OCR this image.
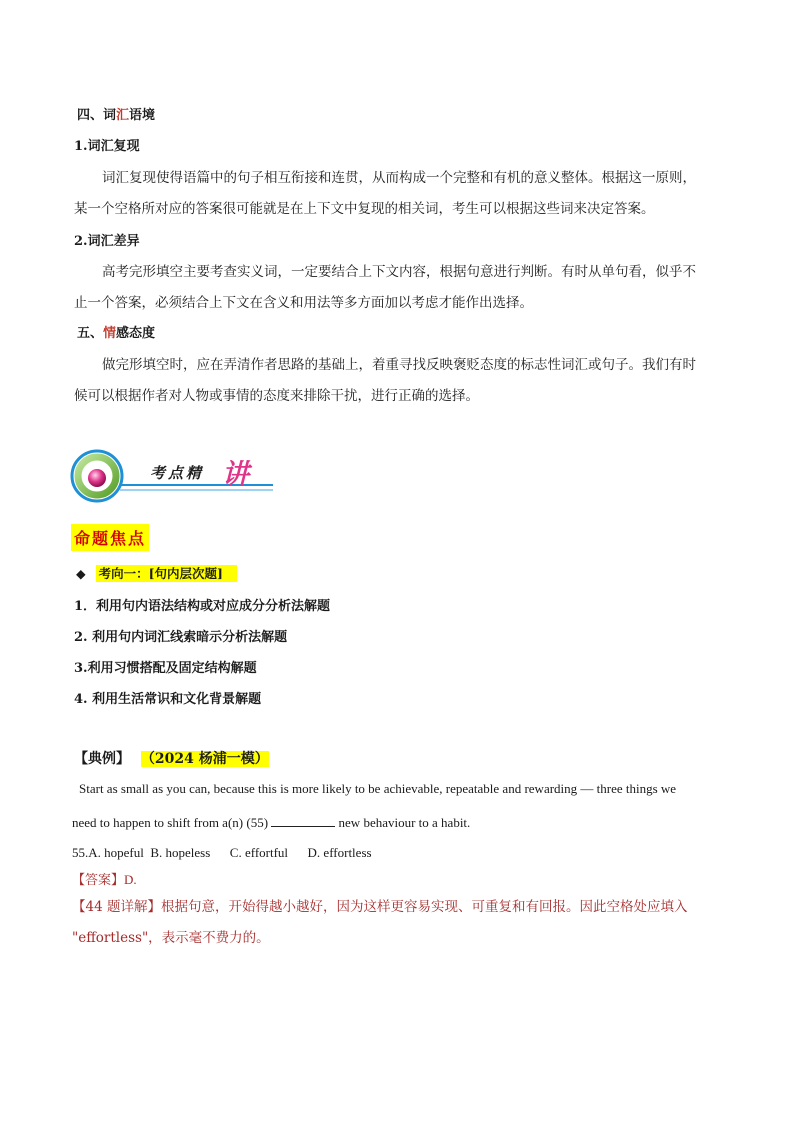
四、词汇语境
1.词汇复现
词汇复现使得语篇中的句子相互衔接和连贯，从而构成一个完整和有机的意义整体。根据这一原则，
某一个空格所对应的答案很可能就是在上下文中复现的相关词，考生可以根据这些词来决定答案。
2.词汇差异
高考完形填空主要考查实义词，一定要结合上下文内容，根据句意进行判断。有时从单句看，似乎不
止一个答案，必须结合上下文在含义和用法等多方面加以考虑才能作出选择。
五、情感态度
做完形填空时，应在弄清作者思路的基础上，着重寻找反映褒贬态度的标志性词汇或句子。我们有时
候可以根据作者对人物或事情的态度来排除干扰，进行正确的选择。
考点精 讲
命题焦点
◆ 考向一：[句内层次题]
1．利用句内语法结构或对应成分分析法解题
2. 利用句内词汇线索暗示分析法解题
3.利用习惯搭配及固定结构解题
4. 利用生活常识和文化背景解题
【典例】 （2024 杨浦一模）
Start as small as you can, because this is more likely to be achievable, repeatable and rewarding — three things we
need to happen to shift from a(n) (55)	new behaviour to a habit.
55.A. hopeful  B. hopeless      C. effortful      D. effortless
【答案】D.
【44 题详解】根据句意，开始得越小越好，因为这样更容易实现、可重复和有回报。因此空格处应填入
"effortless"，表示毫不费力的。
